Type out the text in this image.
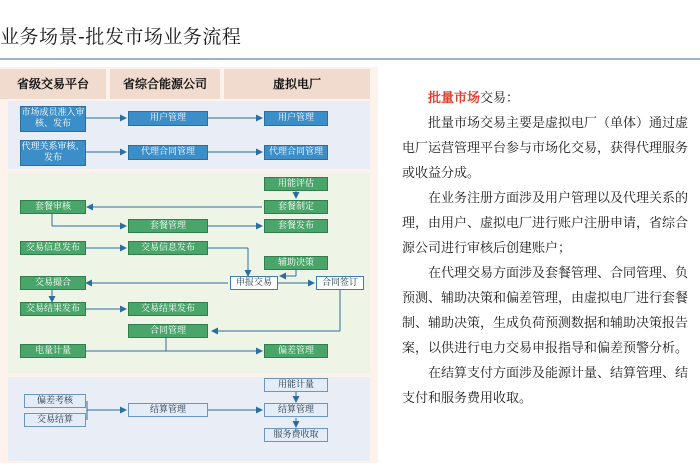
业务场景-批发市场业务流程
省级交易平台	省综合能源公司	虚拟电厂
市场成员准入审核、发布
代理关系审核、发布
用户管理
代理合同管理
用户管理
代理合同管理
用能评估
套餐制定
套餐审核
套餐发布
套餐管理
交易信息发布	交易信息发布
辅助决策
交易撮合	申报交易	合同签订
交易结果发布	交易结果发布
合同管理
电量计量	偏差管理
偏差考核
交易结算
结算管理
用能计量
结算管理
服务费收取

批量市场交易：

批量市场交易主要是虚拟电厂（单体）通过虚

电厂运营管理平台参与市场化交易，获得代理服务

或收益分成。

在业务注册方面涉及用户管理以及代理关系的

理，由用户、虚拟电厂进行账户注册申请，省综合

源公司进行审核后创建账户；

在代理交易方面涉及套餐管理、合同管理、负

预测、辅助决策和偏差管理，由虚拟电厂进行套餐

制、辅助决策，生成负荷预测数据和辅助决策报告

案，以供进行电力交易申报指导和偏差预警分析。

在结算支付方面涉及能源计量、结算管理、结

支付和服务费用收取。
